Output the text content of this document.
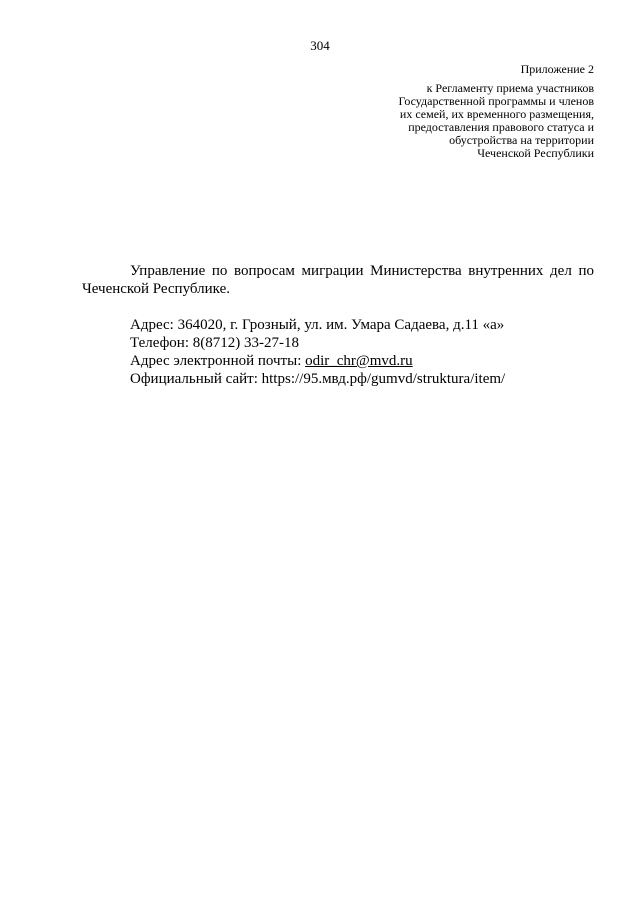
304
Приложение 2
к Регламенту приема участников
Государственной программы и членов
их семей, их временного размещения,
предоставления правового статуса и
обустройства на территории
Чеченской Республики

Управление по вопросам миграции Министерства внутренних дел по Чеченской Республике.

Адрес: 364020, г. Грозный, ул. им. Умара Садаева, д.11 «а»
Телефон: 8(8712) 33-27-18
Адрес электронной почты: odir_chr@mvd.ru
Официальный сайт: https://95.мвд.рф/gumvd/struktura/item/
